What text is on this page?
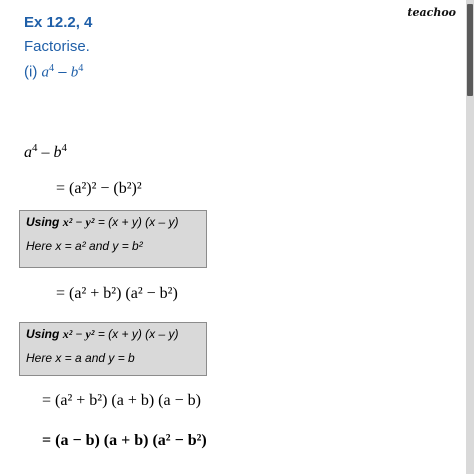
teachoo
Ex 12.2, 4
Factorise.
(i) $a^4 - b^4$
$a^4 - b^4$
= (a²)² − (b²)²
Using x² − y² = (x + y) (x – y)
Here x = a² and y = b²
= (a² + b²) (a² − b²)
Using x² − y² = (x + y) (x – y)
Here x = a and y = b
= (a² + b²) (a + b) (a − b)
= (a − b) (a + b) (a² − b²)
